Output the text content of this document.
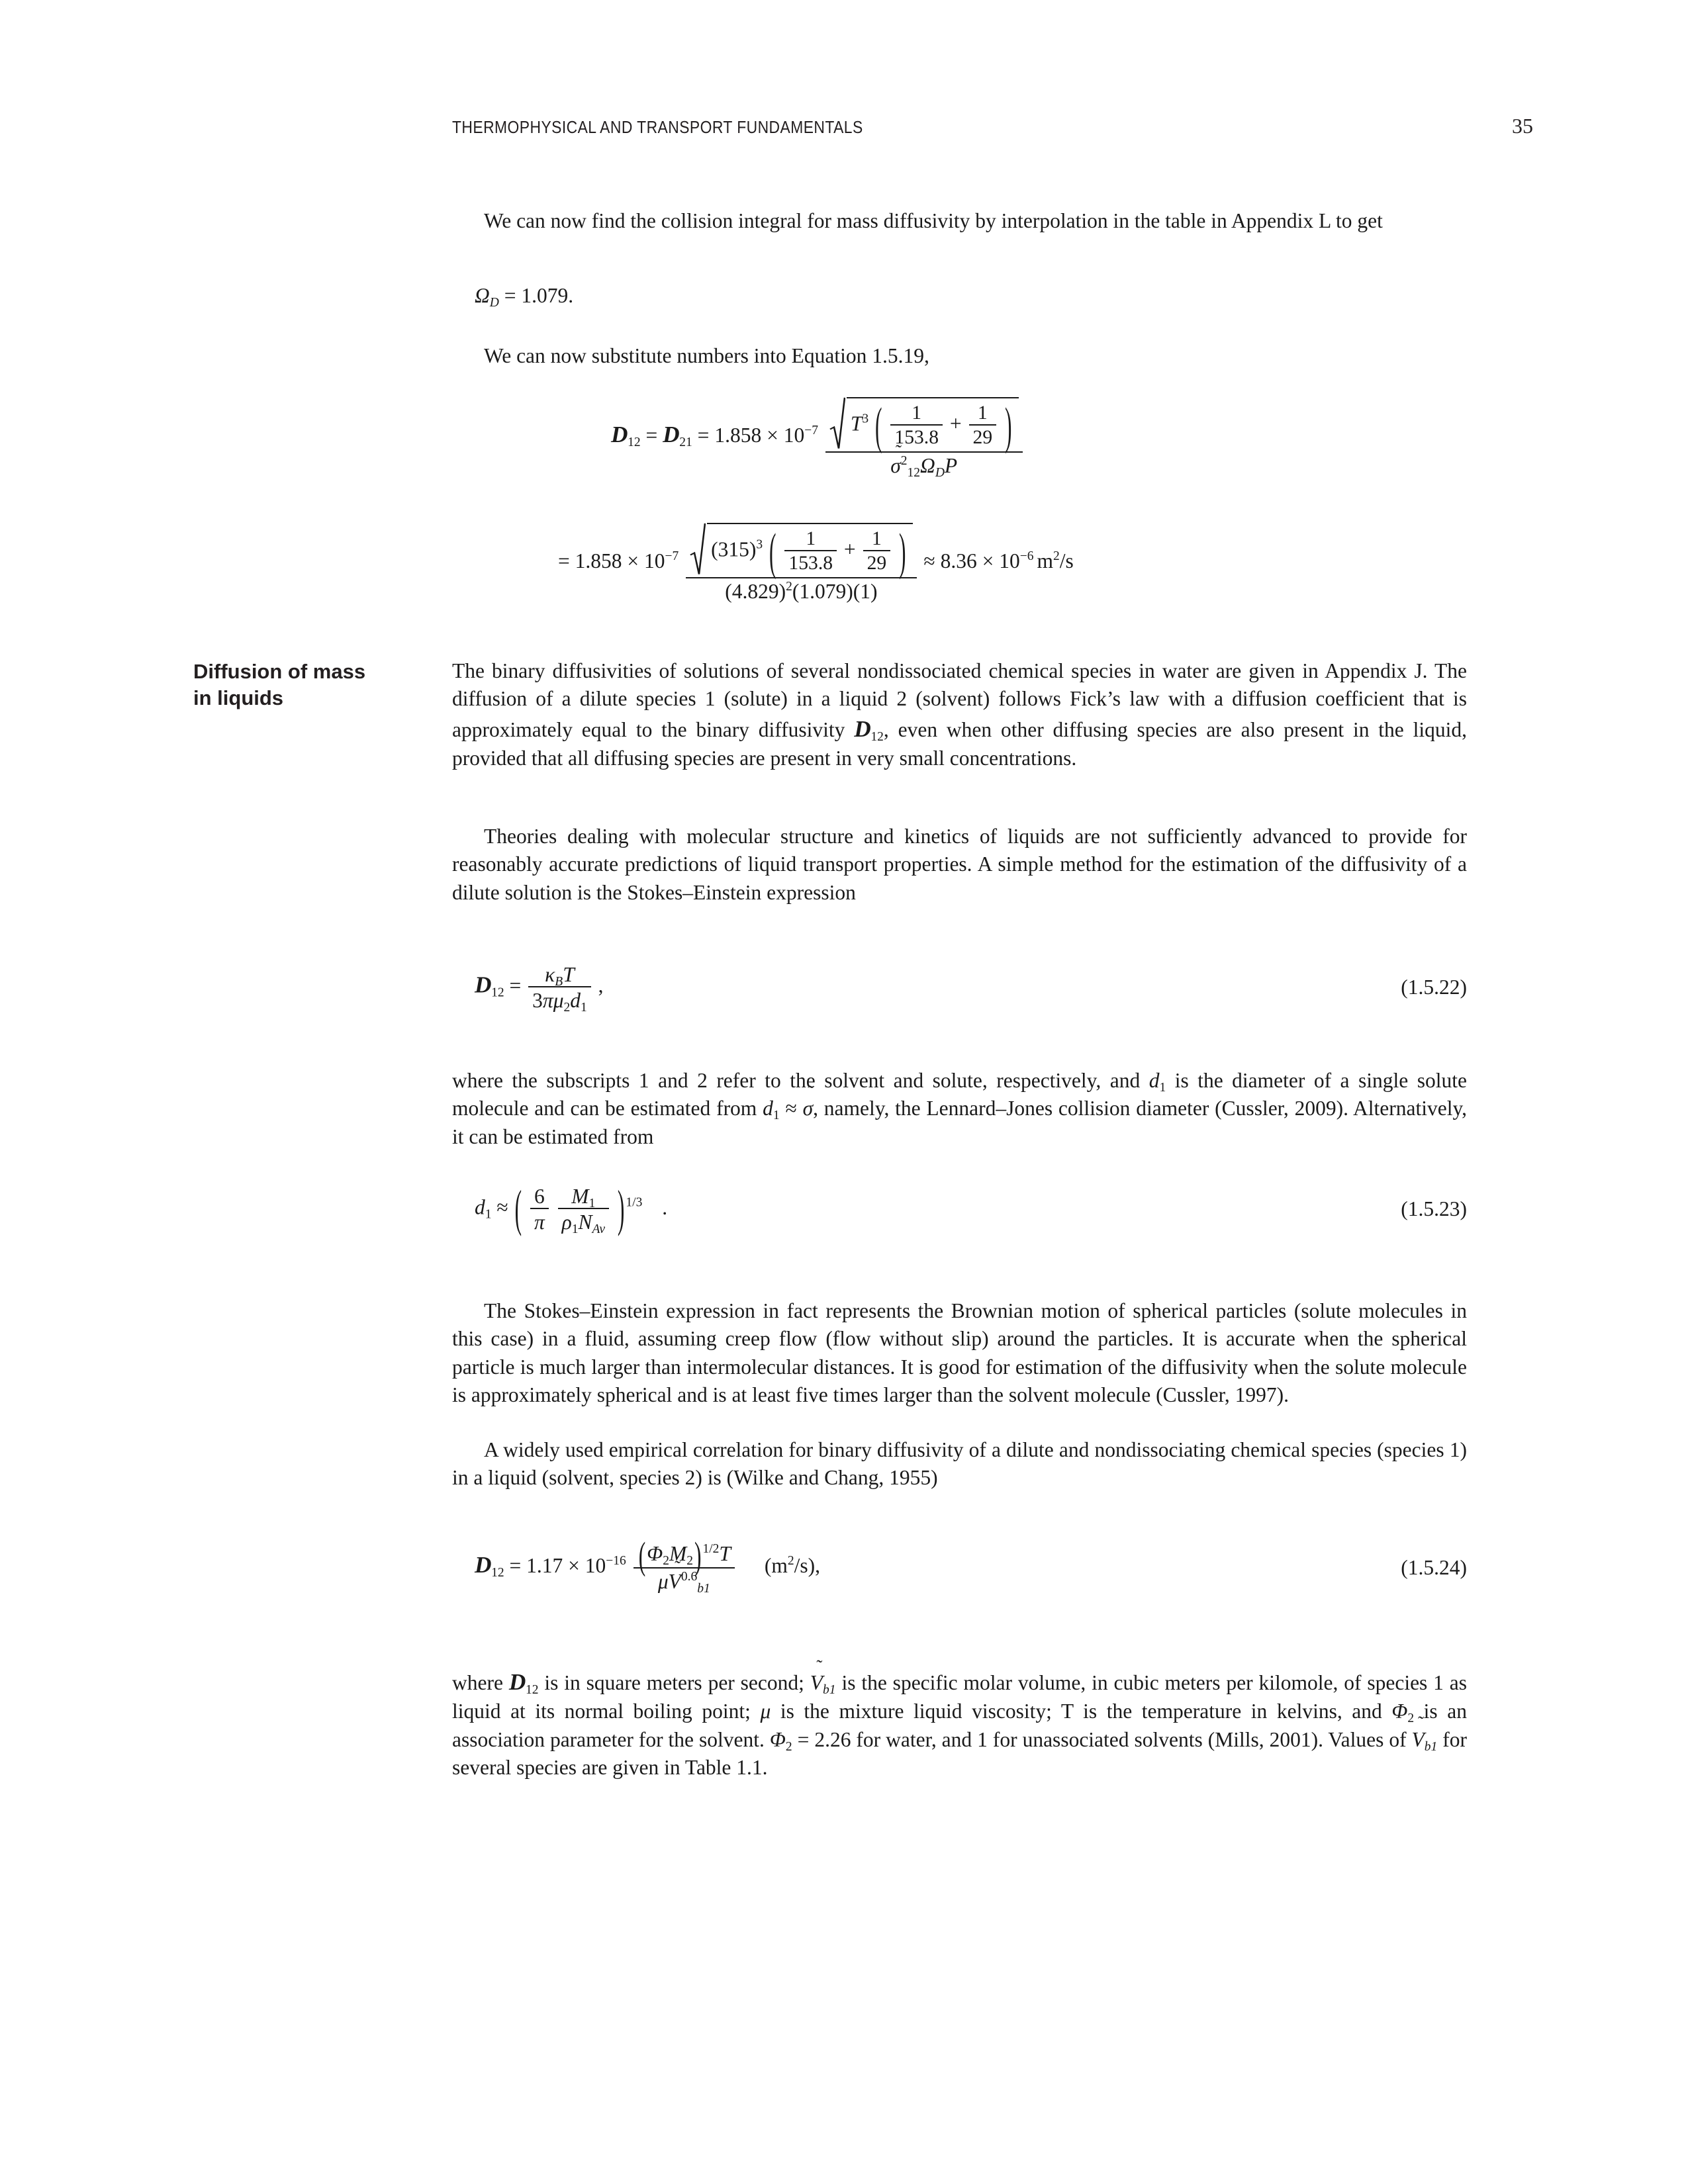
THERMOPHYSICAL AND TRANSPORT FUNDAMENTALS	35

We can now find the collision integral for mass diffusivity by interpolation in the table in Appendix L to get

$\Omega_D = 1.079$.

We can now substitute numbers into Equation 1.5.19,

$D_{12} = D_{21} = 1.858 \times 10^{-7}$	$T^3$ ( $\frac{1}{153.8} + \frac{1}{29}$ )
$\sigma^2_{12}\Omega_DP$
= $1.858 \times 10^{-7}$	$(315)^3$ ( $\frac{1}{153.8} + \frac{1}{29}$ )
$(4.829)^2(1.079)(1)$
≈ $8.36 \times 10^{-6}$ $m^2/s$
Diffusion of mass
in liquids

The binary diffusivities of solutions of several nondissociated chemical species in water are given in Appendix J. The diffusion of a dilute species 1 (solute) in a liquid 2 (solvent) follows Fick’s law with a diffusion coefficient that is approximately equal to the binary diffusivity $D_{12}$, even when other diffusing species are also present in the liquid, provided that all diffusing species are present in very small concentrations.

Theories dealing with molecular structure and kinetics of liquids are not sufficiently advanced to provide for reasonably accurate predictions of liquid transport properties. A simple method for the estimation of the diffusivity of a dilute solution is the Stokes–Einstein expression

$D_{12} = \frac{\kappa_BT}{3\pi\mu_2d_1}$ ,	(1.5.22)

where the subscripts 1 and 2 refer to the solvent and solute, respectively, and $d_1$ is the diameter of a single solute molecule and can be estimated from $d_1 \approx \sigma$, namely, the Lennard–Jones collision diameter (Cussler, 2009). Alternatively, it can be estimated from

$d_1$ ≈ ( $\frac{6}{\pi}$
$\frac{M_1}{\rho_1N_{Av}}$ ) $^{1/3}$ .	(1.5.23)

The Stokes–Einstein expression in fact represents the Brownian motion of spherical particles (solute molecules in this case) in a fluid, assuming creep flow (flow without slip) around the particles. It is accurate when the spherical particle is much larger than intermolecular distances. It is good for estimation of the diffusivity when the solute molecule is approximately spherical and is at least five times larger than the solvent molecule (Cussler, 1997).

A widely used empirical correlation for binary diffusivity of a dilute and nondissociating chemical species (species 1) in a liquid (solvent, species 2) is (Wilke and Chang, 1955)

$D_{12} = 1.17 \times 10^{-16}$ $(\Phi_2M_2)$ $^{1/2}$T
μ
$V^{0.6}_{b1}$ $(m^2/s)$,	(1.5.24)

where $D_{12}$ is in square meters per second; $V_{b1}$ is the specific molar volume, in cubic meters per kilomole, of species 1 as liquid at its normal boiling point; μ is the mixture liquid viscosity; T is the temperature in kelvins, and $\Phi_2$ is an association parameter for the solvent. $\Phi_2 = 2.26$ for water, and 1 for unassociated solvents (Mills, 2001). Values of $V_{b1}$ for several species are given in Table 1.1.
